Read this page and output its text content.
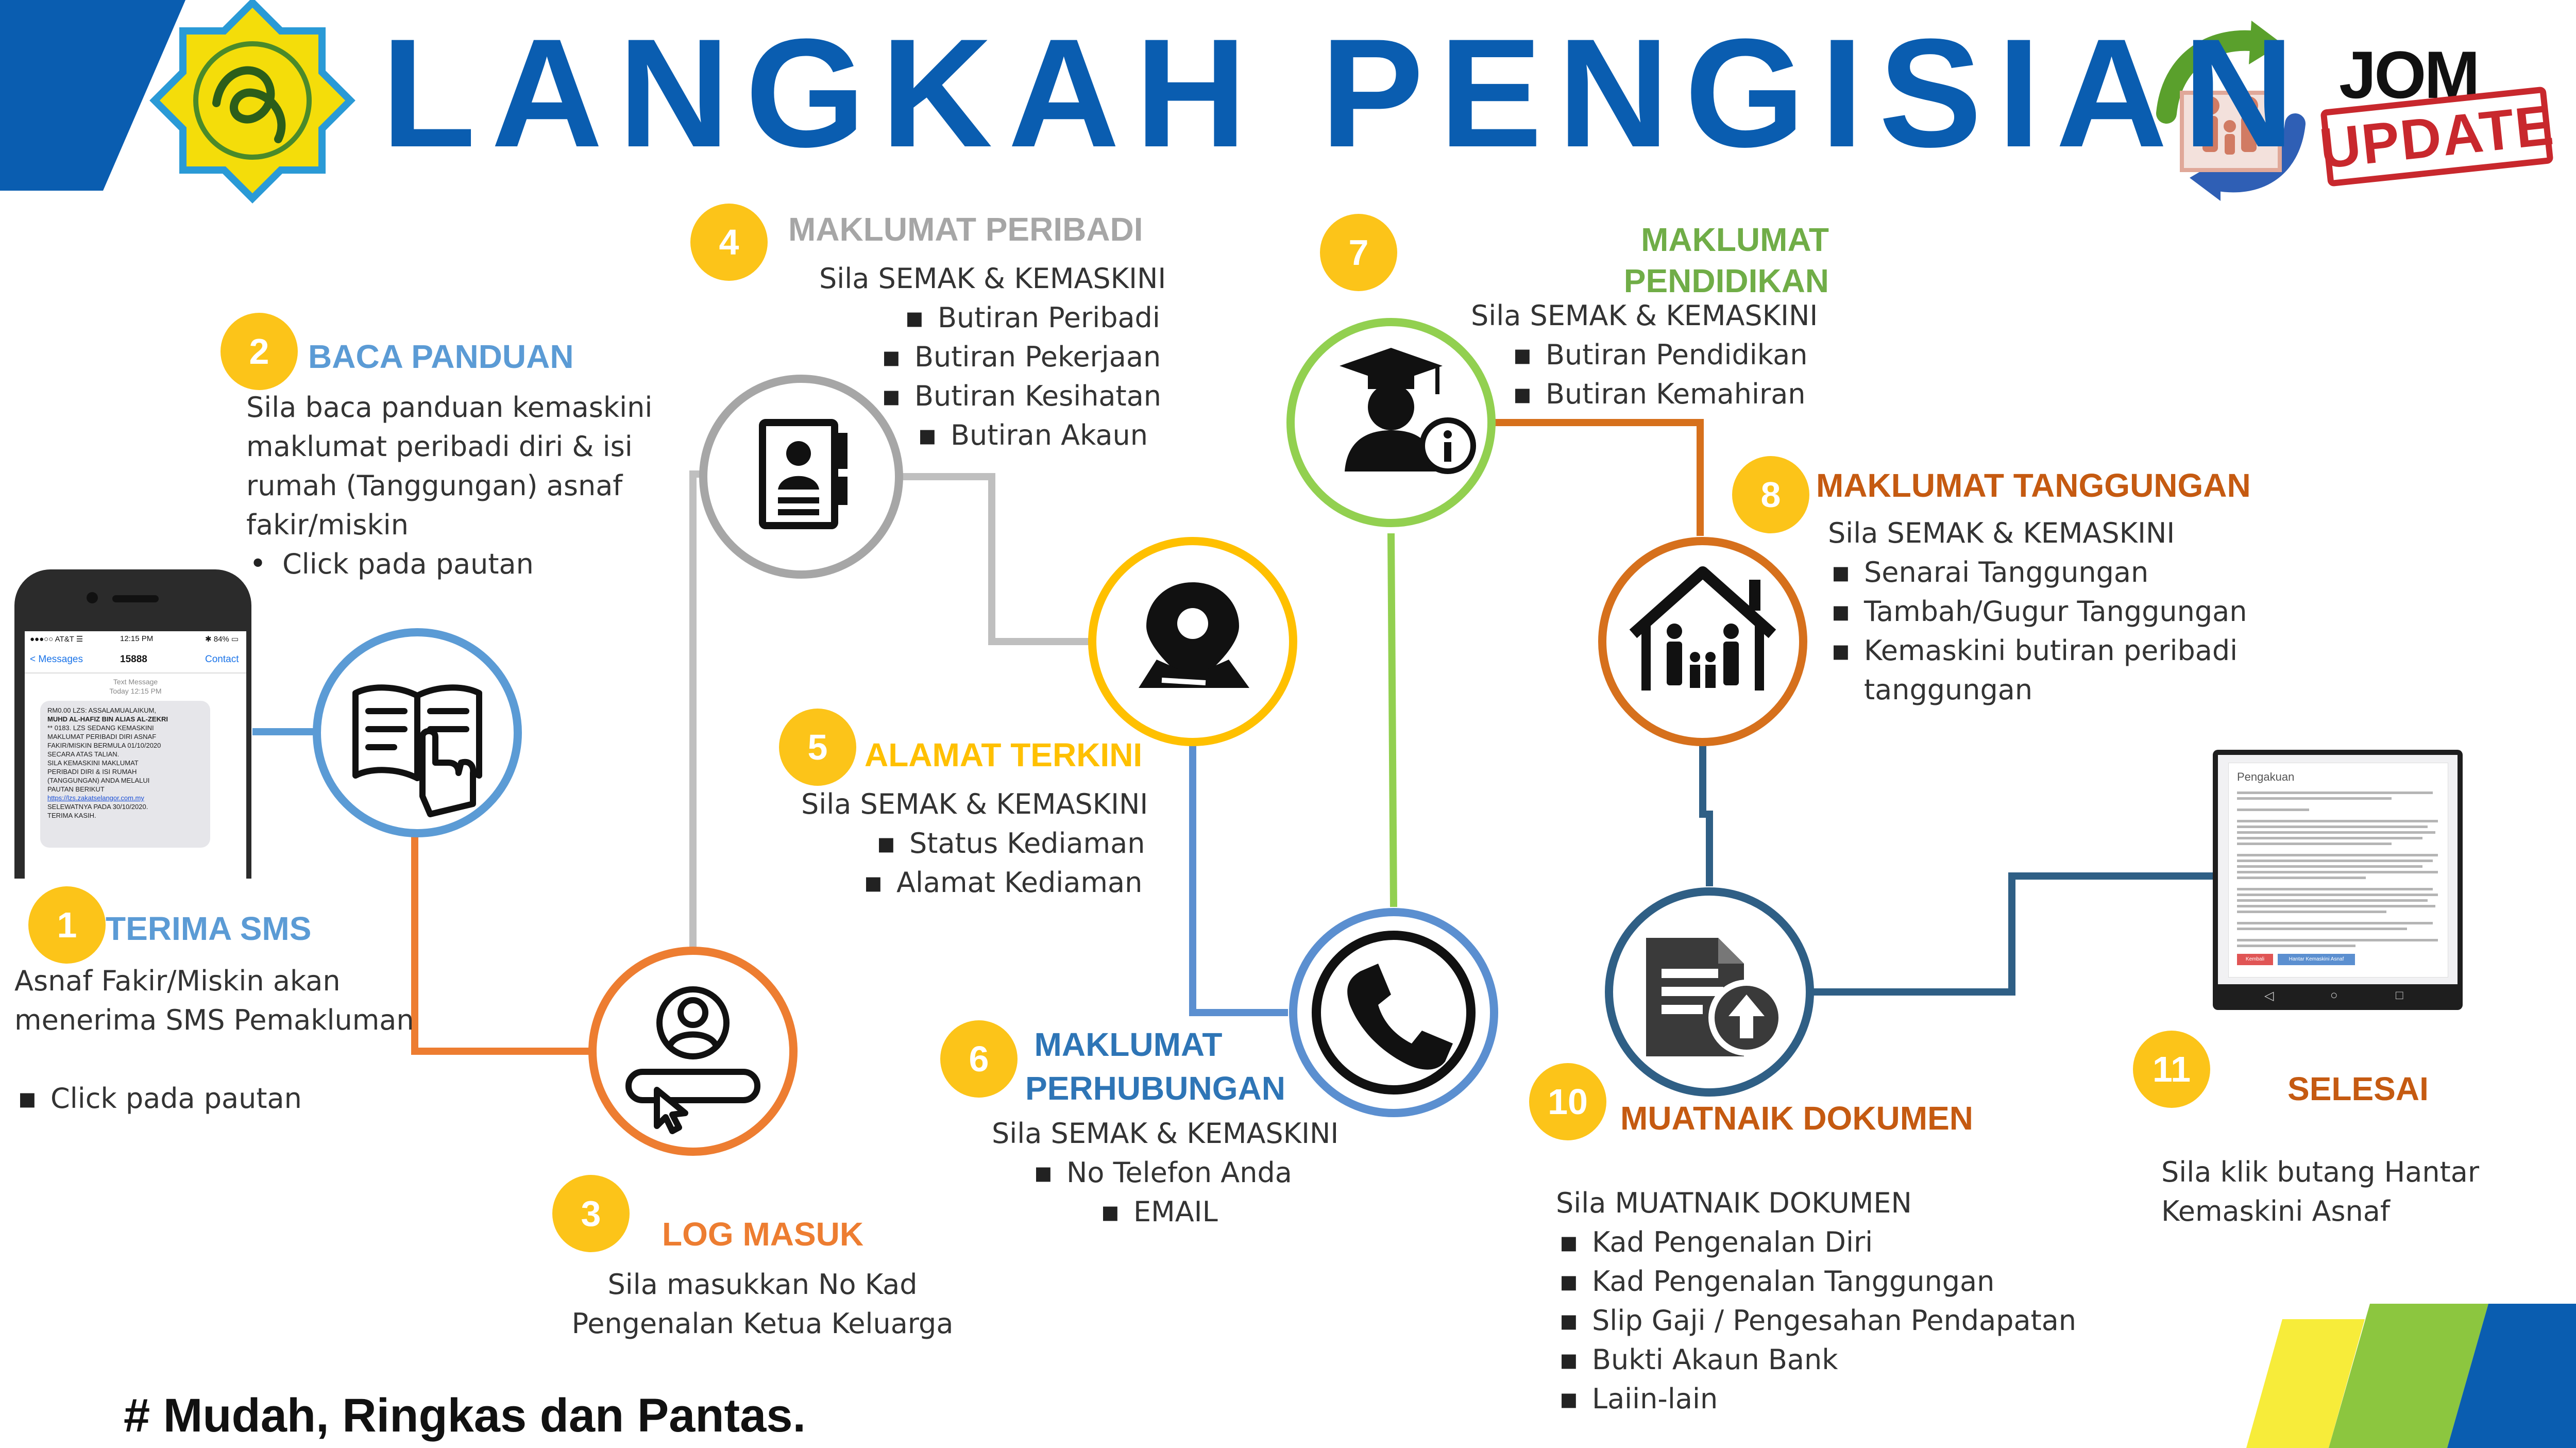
JOM
UPDATE
LANGKAH PENGISIAN
●●●○○ AT&T ☰	12:15 PM	✱ 84% ▭
< Messages	15888	Contact
Text Message
Today 12:15 PM
RM0.00 LZS: ASSALAMUALAIKUM,
MUHD AL-HAFIZ BIN ALIAS AL-ZEKRI
** 0183. LZS SEDANG KEMASKINI
MAKLUMAT PERIBADI DIRI ASNAF
FAKIR/MISKIN BERMULA 01/10/2020
SECARA ATAS TALIAN.
SILA KEMASKINI MAKLUMAT
PERIBADI DIRI & ISI RUMAH
(TANGGUNGAN) ANDA MELALUI
PAUTAN BERIKUT
https://lzs.zakatselangor.com.my
SELEWATNYA PADA 30/10/2020.
TERIMA KASIH.
Pengakuan
Kembali	Hantar Kemaskini Asnaf
◁	○	□
1 TERIMA SMS
Asnaf Fakir/Miskin akan
menerima SMS Pemakluman
▪ Click pada pautan
2	BACA PANDUAN
Sila baca panduan kemaskini
maklumat peribadi diri & isi
rumah (Tanggungan) asnaf
fakir/miskin
• Click pada pautan
3
LOG MASUK
Sila masukkan No Kad
Pengenalan Ketua Keluarga
4	MAKLUMAT PERIBADI
Sila SEMAK & KEMASKINI
▪ Butiran Peribadi
▪ Butiran Pekerjaan
▪ Butiran Kesihatan
▪ Butiran Akaun
5	ALAMAT TERKINI
Sila SEMAK & KEMASKINI
▪ Status Kediaman
▪ Alamat Kediaman
6	MAKLUMAT
PERHUBUNGAN
Sila SEMAK & KEMASKINI
▪ No Telefon Anda
▪ EMAIL
7	MAKLUMAT
PENDIDIKAN
Sila SEMAK & KEMASKINI
▪ Butiran Pendidikan
▪ Butiran Kemahiran
8	MAKLUMAT TANGGUNGAN
Sila SEMAK & KEMASKINI
▪ Senarai Tanggungan
▪ Tambah/Gugur Tanggungan
▪ Kemaskini butiran peribadi
tanggungan
10 MUATNAIK DOKUMEN
Sila MUATNAIK DOKUMEN
▪ Kad Pengenalan Diri
▪ Kad Pengenalan Tanggungan
▪ Slip Gaji / Pengesahan Pendapatan
▪ Bukti Akaun Bank
▪ Laiin-lain
11	SELESAI
Sila klik butang Hantar
Kemaskini Asnaf
# Mudah, Ringkas dan Pantas.
